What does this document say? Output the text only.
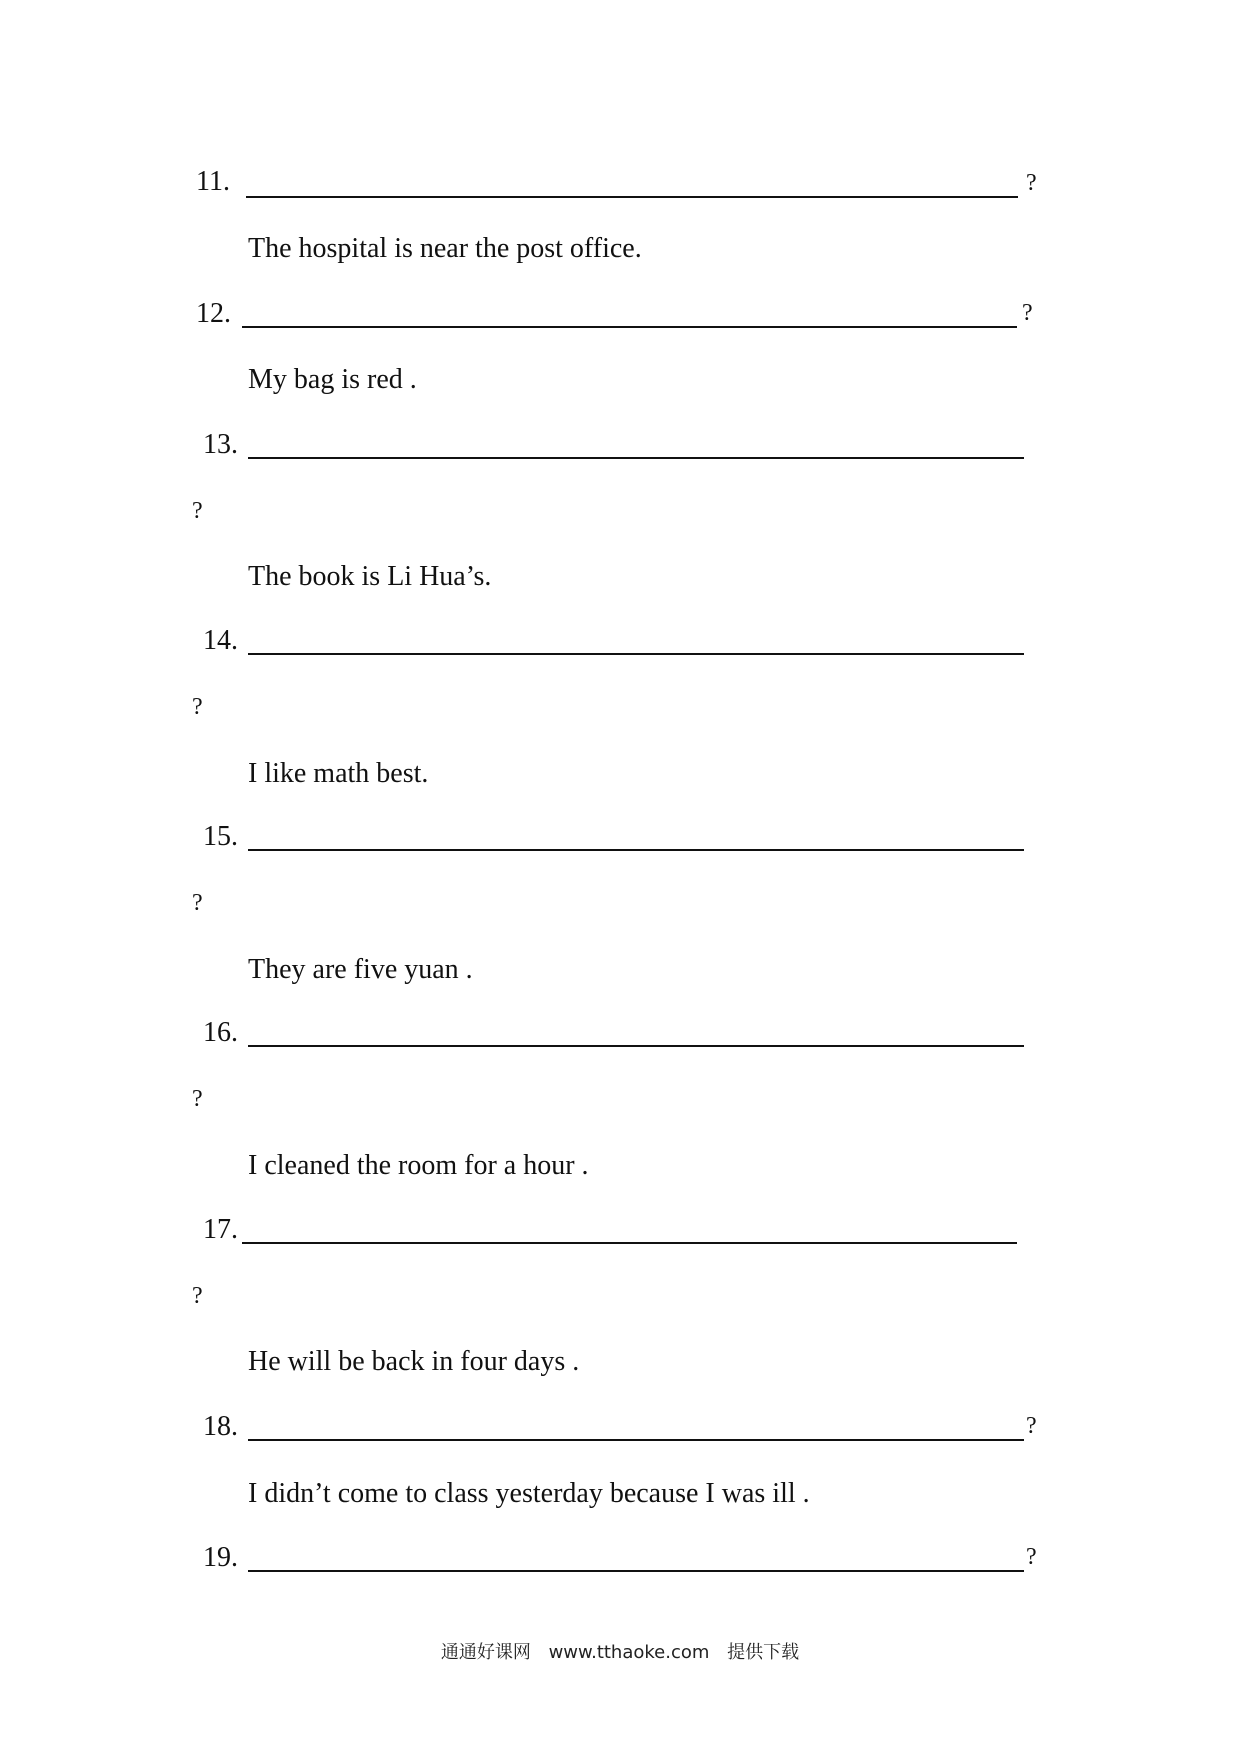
11.	?
The hospital is near the post office.
12.	?
My bag is red .
13.
?
The book is Li Hua’s.
14.
?
I like math best.
15.
?
They are five yuan .
16.
?
I cleaned the room for a hour .
17.
?
He will be back in four days .
18.	?
I didn’t come to class yesterday because I was ill .
19.	?
通通好课网 www.tthaoke.com 提供下载
